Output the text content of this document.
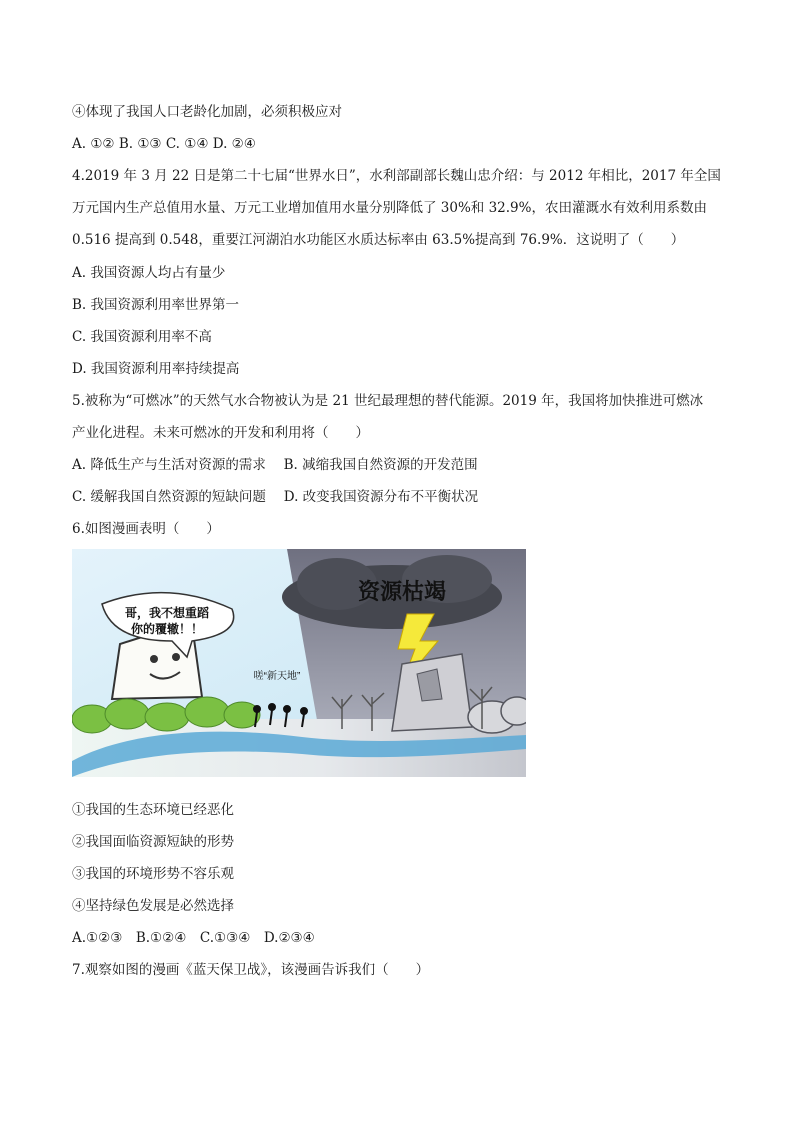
④体现了我国人口老龄化加剧，必须积极应对
A. ①② B. ①③ C. ①④ D. ②④
4.2019 年 3 月 22 日是第二十七届“世界水日”，水利部副部长魏山忠介绍：与 2012 年相比，2017 年全国
万元国内生产总值用水量、万元工业增加值用水量分别降低了 30%和 32.9%，农田灌溉水有效利用系数由
0.516 提高到 0.548，重要江河湖泊水功能区水质达标率由 63.5%提高到 76.9%．这说明了（　　）
A. 我国资源人均占有量少
B. 我国资源利用率世界第一
C. 我国资源利用率不高
D. 我国资源利用率持续提高
5.被称为“可燃冰”的天然气水合物被认为是 21 世纪最理想的替代能源。2019 年，我国将加快推进可燃冰
产业化进程。未来可燃冰的开发和利用将（　　）
A. 降低生产与生活对资源的需求　 B. 减缩我国自然资源的开发范围
C. 缓解我国自然资源的短缺问题　 D. 改变我国资源分布不平衡状况
6.如图漫画表明（　　）
资源枯竭
哥，我不想重蹈
你的覆辙！！
嗟“新天地”
①我国的生态环境已经恶化
②我国面临资源短缺的形势
③我国的环境形势不容乐观
④坚持绿色发展是必然选择
A.①②③　B.①②④　C.①③④　D.②③④
7.观察如图的漫画《蓝天保卫战》，该漫画告诉我们（　　）
